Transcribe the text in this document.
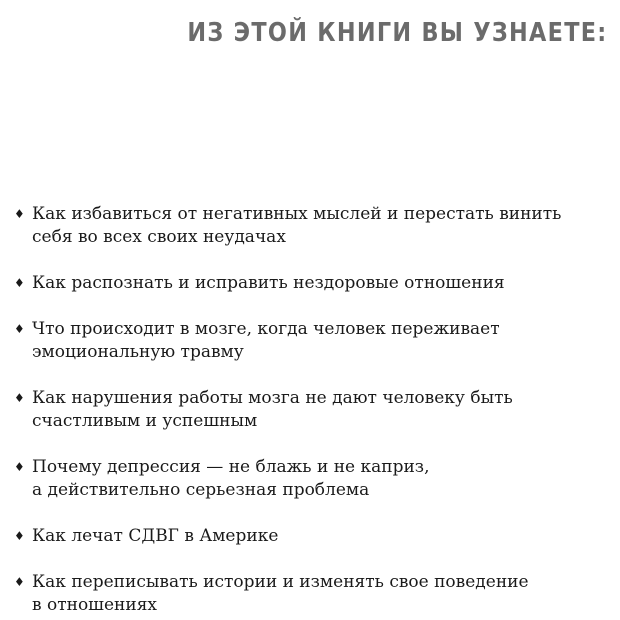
ИЗ ЭТОЙ КНИГИ ВЫ УЗНАЕТЕ:
♦ Как избавиться от негативных мыслей и перестать винить
себя во всех своих неудачах
♦ Как распознать и исправить нездоровые отношения
♦ Что происходит в мозге, когда человек переживает
эмоциональную травму
♦ Как нарушения работы мозга не дают человеку быть
счастливым и успешным
♦ Почему депрессия — не блажь и не каприз,
а действительно серьезная проблема
♦ Как лечат СДВГ в Америке
♦ Как переписывать истории и изменять свое поведение
в отношениях
